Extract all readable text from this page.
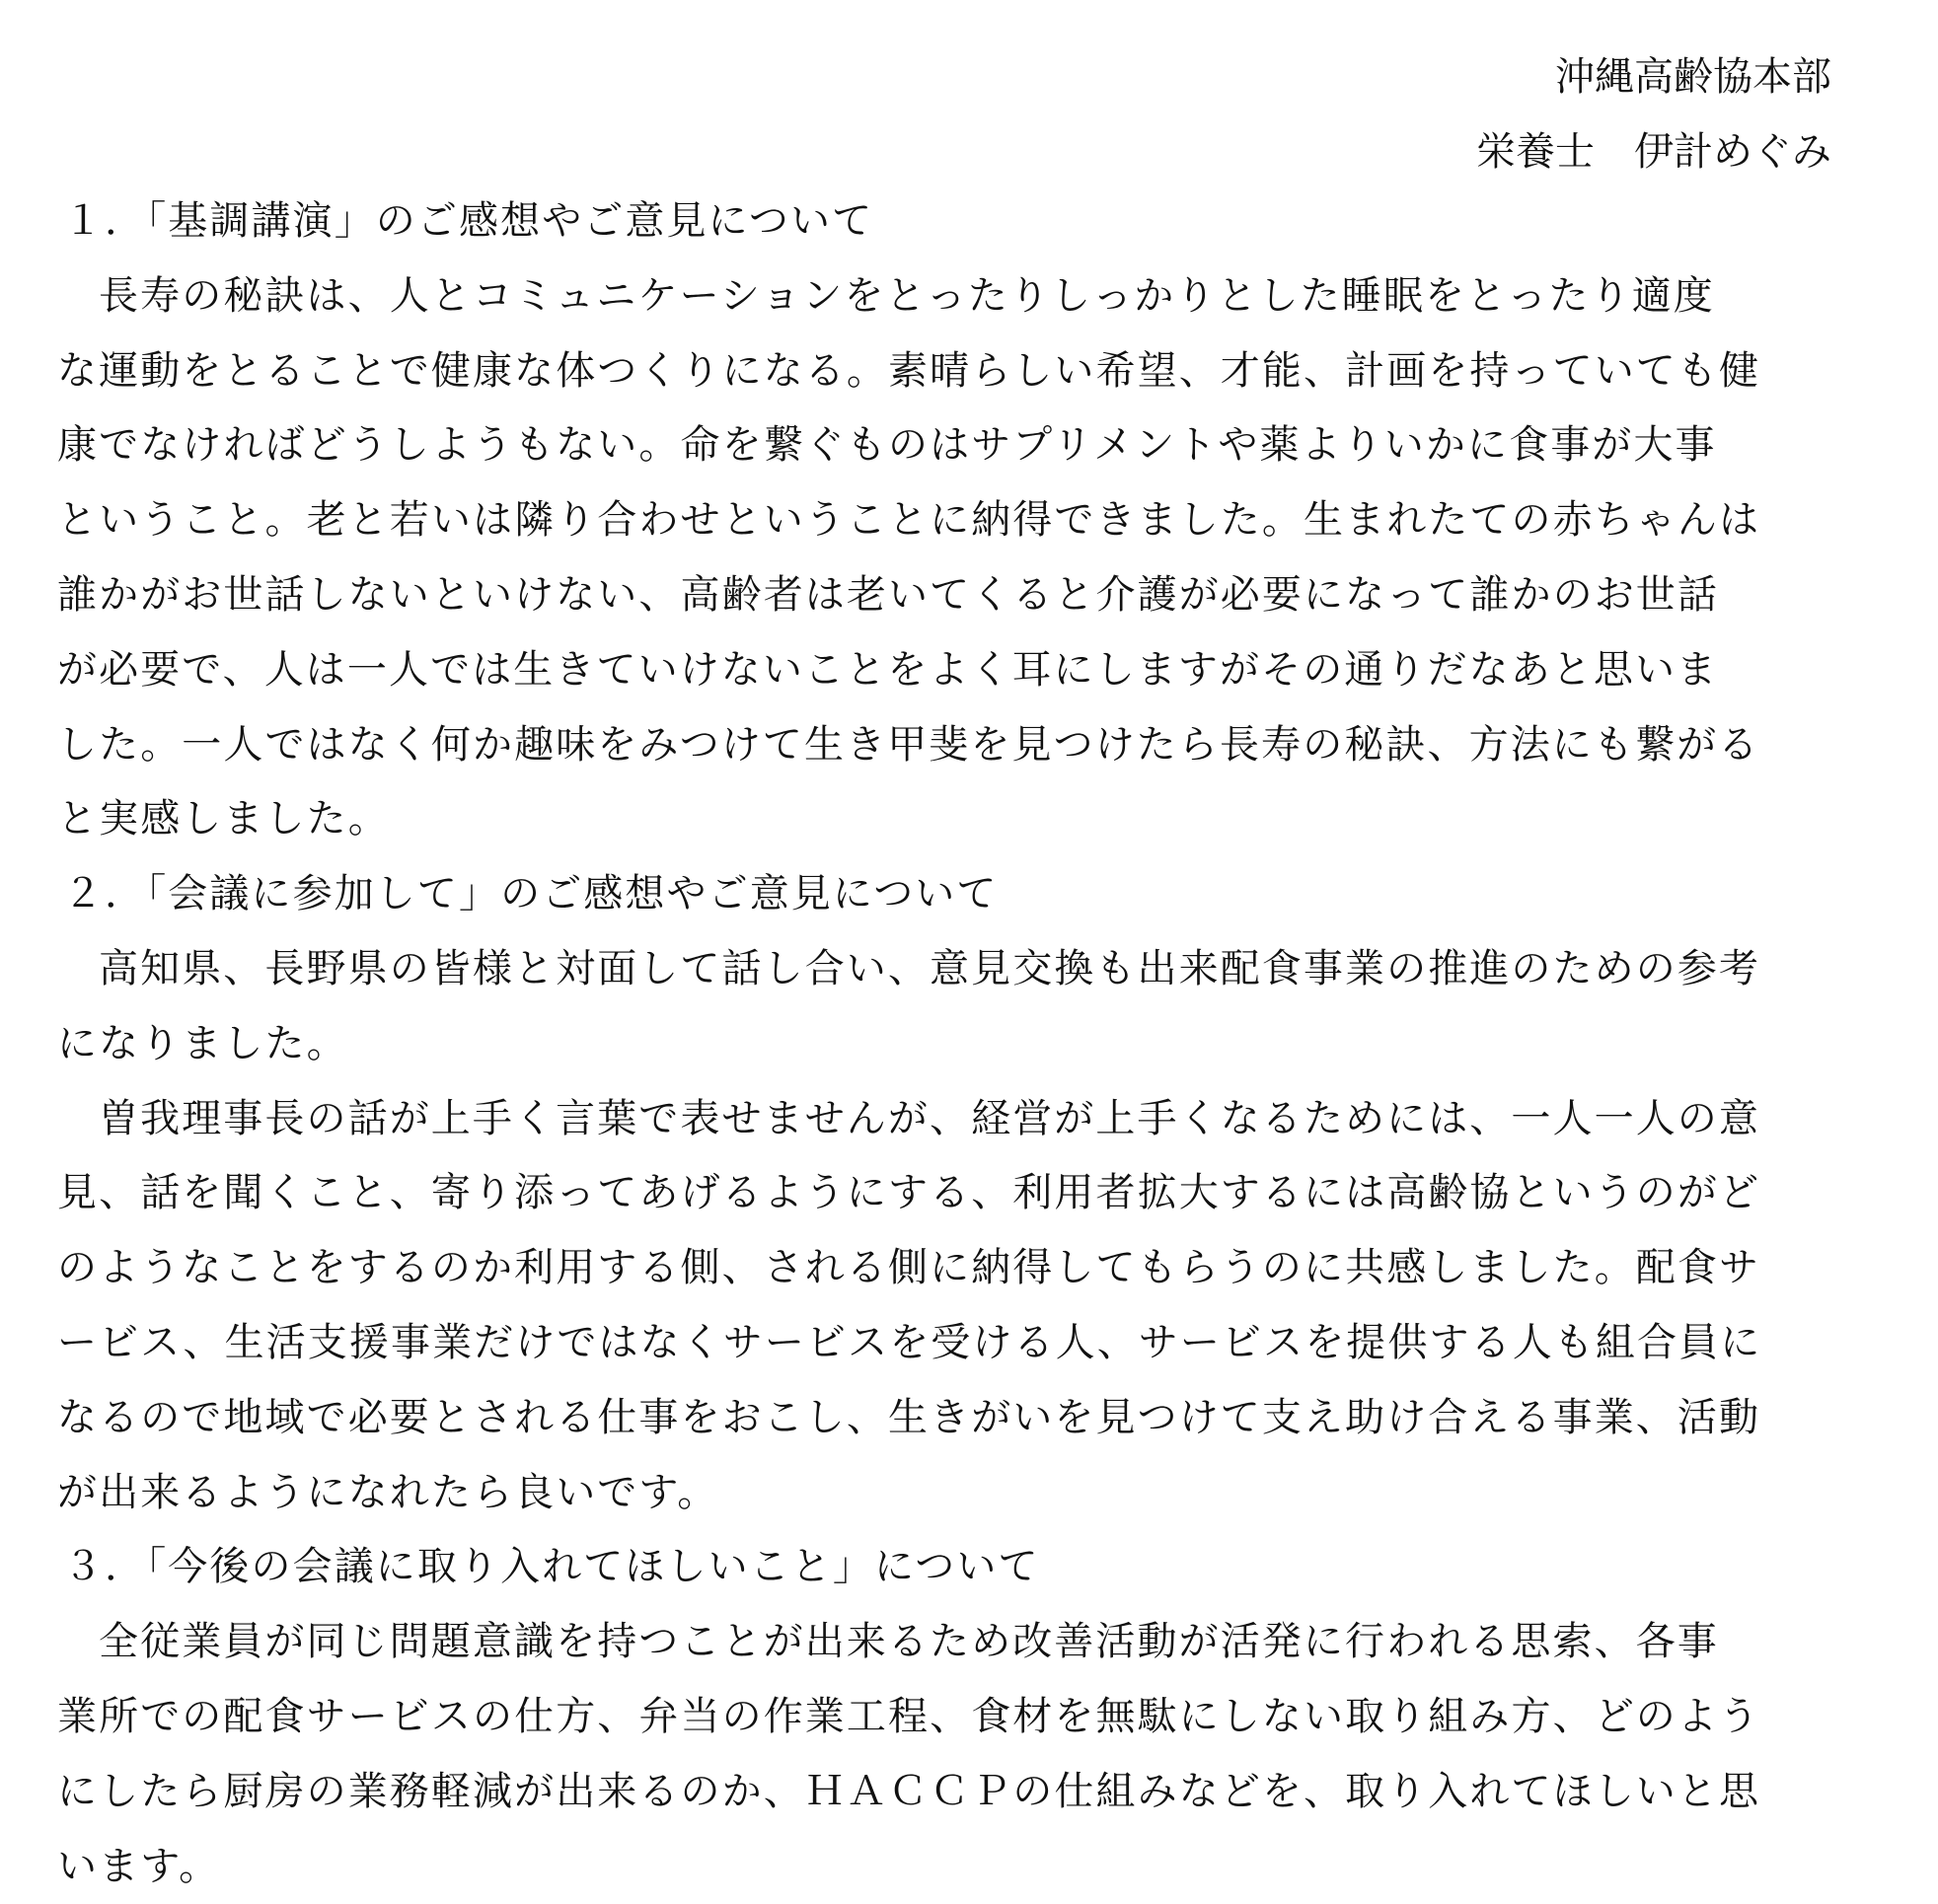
沖縄高齢協本部
栄養士　伊計めぐみ
１．「基調講演」のご感想やご意見について
長寿の秘訣は、人とコミュニケーションをとったりしっかりとした睡眠をとったり適度
な運動をとることで健康な体つくりになる。素晴らしい希望、才能、計画を持っていても健
康でなければどうしようもない。命を繋ぐものはサプリメントや薬よりいかに食事が大事
ということ。老と若いは隣り合わせということに納得できました。生まれたての赤ちゃんは
誰かがお世話しないといけない、高齢者は老いてくると介護が必要になって誰かのお世話
が必要で、人は一人では生きていけないことをよく耳にしますがその通りだなあと思いま
した。一人ではなく何か趣味をみつけて生き甲斐を見つけたら長寿の秘訣、方法にも繋がる
と実感しました。
２．「会議に参加して」のご感想やご意見について
高知県、長野県の皆様と対面して話し合い、意見交換も出来配食事業の推進のための参考
になりました。
曽我理事長の話が上手く言葉で表せませんが、経営が上手くなるためには、一人一人の意
見、話を聞くこと、寄り添ってあげるようにする、利用者拡大するには高齢協というのがど
のようなことをするのか利用する側、される側に納得してもらうのに共感しました。配食サ
ービス、生活支援事業だけではなくサービスを受ける人、サービスを提供する人も組合員に
なるので地域で必要とされる仕事をおこし、生きがいを見つけて支え助け合える事業、活動
が出来るようになれたら良いです。
３．「今後の会議に取り入れてほしいこと」について
全従業員が同じ問題意識を持つことが出来るため改善活動が活発に行われる思索、各事
業所での配食サービスの仕方、弁当の作業工程、食材を無駄にしない取り組み方、どのよう
にしたら厨房の業務軽減が出来るのか、ＨＡＣＣＰの仕組みなどを、取り入れてほしいと思
います。
